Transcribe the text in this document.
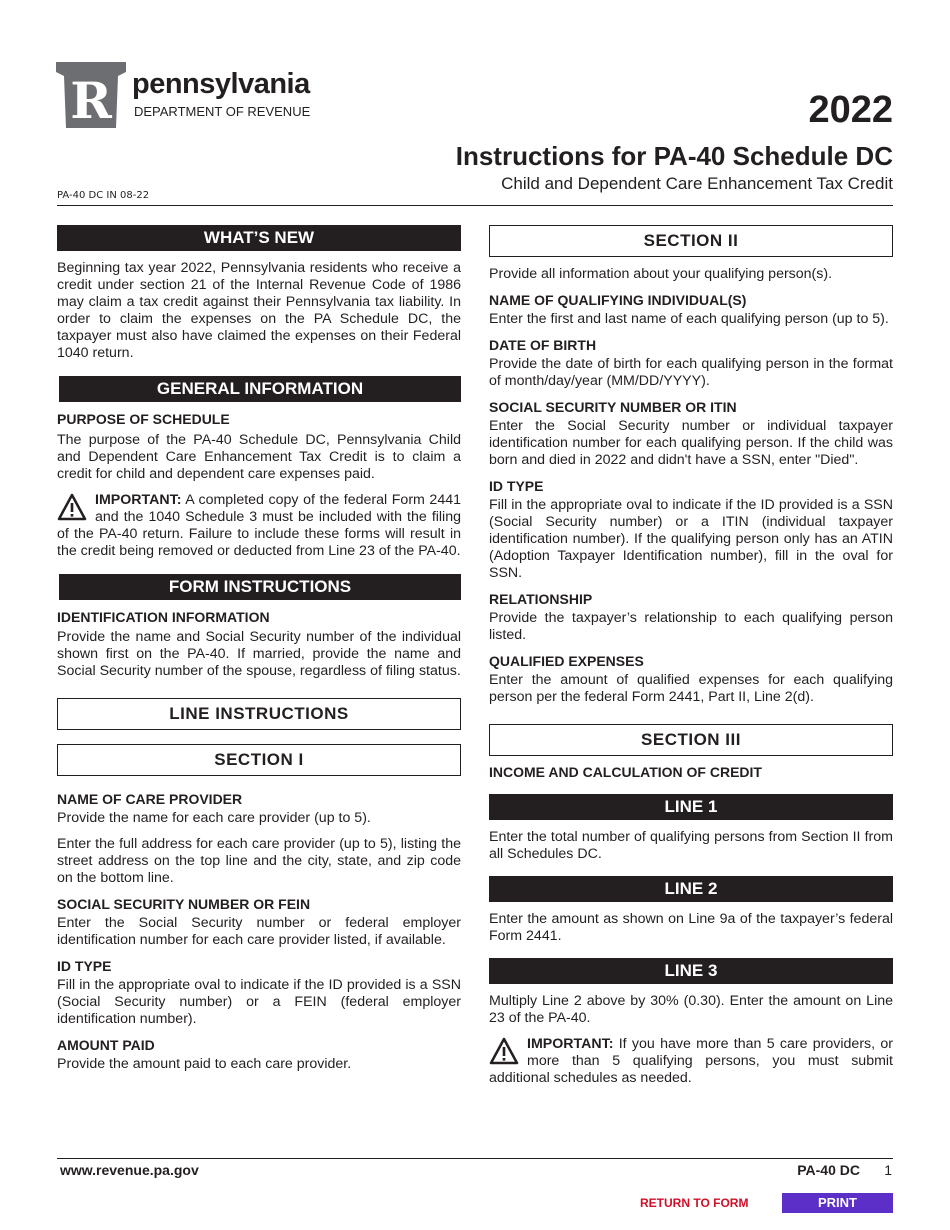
R pennsylvania
DEPARTMENT OF REVENUE	2022
Instructions for PA-40 Schedule DC
Child and Dependent Care Enhancement Tax Credit
PA-40 DC IN 08-22
WHAT’S NEW

Beginning tax year 2022, Pennsylvania residents who receive a credit under section 21 of the Internal Revenue Code of 1986 may claim a tax credit against their Pennsylvania tax liability. In order to claim the expenses on the PA Schedule DC, the taxpayer must also have claimed the expenses on their Federal 1040 return.

GENERAL INFORMATION
PURPOSE OF SCHEDULE

The purpose of the PA-40 Schedule DC, Pennsylvania Child and Dependent Care Enhancement Tax Credit is to claim a credit for child and dependent care expenses paid.

IMPORTANT: A completed copy of the federal Form 2441 and the 1040 Schedule 3 must be included with the filing of the PA-40 return. Failure to include these forms will result in the credit being removed or deducted from Line 23 of the PA-40.

FORM INSTRUCTIONS
IDENTIFICATION INFORMATION

Provide the name and Social Security number of the individual shown first on the PA-40. If married, provide the name and Social Security number of the spouse, regardless of filing status.

LINE INSTRUCTIONS
SECTION I
NAME OF CARE PROVIDER

Provide the name for each care provider (up to 5).

Enter the full address for each care provider (up to 5), listing the street address on the top line and the city, state, and zip code on the bottom line.

SOCIAL SECURITY NUMBER OR FEIN

Enter the Social Security number or federal employer identification number for each care provider listed, if available.

ID TYPE

Fill in the appropriate oval to indicate if the ID provided is a SSN (Social Security number) or a FEIN (federal employer identification number).

AMOUNT PAID

Provide the amount paid to each care provider.

SECTION II

Provide all information about your qualifying person(s).

NAME OF QUALIFYING INDIVIDUAL(S)

Enter the first and last name of each qualifying person (up to 5).

DATE OF BIRTH

Provide the date of birth for each qualifying person in the format of month/day/year (MM/DD/YYYY).

SOCIAL SECURITY NUMBER OR ITIN

Enter the Social Security number or individual taxpayer identification number for each qualifying person. If the child was born and died in 2022 and didn't have a SSN, enter "Died".

ID TYPE

Fill in the appropriate oval to indicate if the ID provided is a SSN (Social Security number) or a ITIN (individual taxpayer identification number). If the qualifying person only has an ATIN (Adoption Taxpayer Identification number), fill in the oval for SSN.

RELATIONSHIP

Provide the taxpayer’s relationship to each qualifying person listed.

QUALIFIED EXPENSES

Enter the amount of qualified expenses for each qualifying person per the federal Form 2441, Part II, Line 2(d).

SECTION III
INCOME AND CALCULATION OF CREDIT
LINE 1

Enter the total number of qualifying persons from Section II from all Schedules DC.

LINE 2

Enter the amount as shown on Line 9a of the taxpayer’s federal Form 2441.

LINE 3

Multiply Line 2 above by 30% (0.30). Enter the amount on Line 23 of the PA-40.

IMPORTANT: If you have more than 5 care providers, or more than 5 qualifying persons, you must submit additional schedules as needed.

www.revenue.pa.gov	PA-40 DC 1
RETURN TO FORM	PRINT
